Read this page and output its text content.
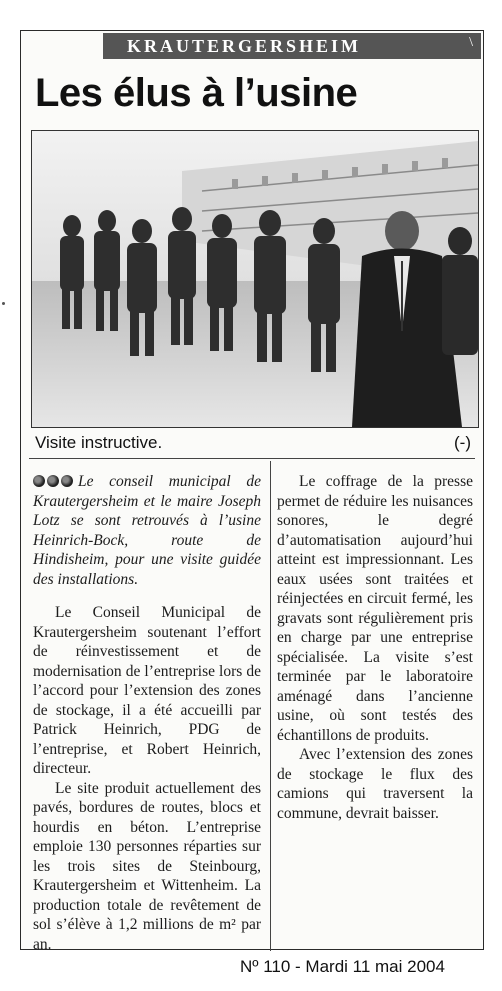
KRAUTERGERSHEIM	\
Les élus à l’usine
Visite instructive.	(-)

Le conseil municipal de Krautergersheim et le maire Joseph Lotz se sont retrouvés à l’usine Heinrich-Bock, route de Hindisheim, pour une visite guidée des installations.

Le Conseil Municipal de Krautergersheim soutenant l’effort de réinvestissement et de modernisation de l’entreprise lors de l’accord pour l’extension des zones de stockage, il a été accueilli par Patrick Heinrich, PDG de l’entreprise, et Robert Heinrich, directeur.

Le site produit actuellement des pavés, bordures de routes, blocs et hourdis en béton. L’entreprise emploie 130 personnes réparties sur les trois sites de Steinbourg, Krautergersheim et Wittenheim. La production totale de revêtement de sol s’élève à 1,2 millions de m² par an.

Le coffrage de la presse permet de réduire les nuisances sonores, le degré d’automatisation aujourd’hui atteint est impressionnant. Les eaux usées sont traitées et réinjectées en circuit fermé, les gravats sont régulièrement pris en charge par une entreprise spécialisée. La visite s’est terminée par le laboratoire aménagé dans l’ancienne usine, où sont testés des échantillons de produits.

Avec l’extension des zones de stockage le flux des camions qui traversent la commune, devrait baisser.

Nº 110 - Mardi 11 mai 2004
